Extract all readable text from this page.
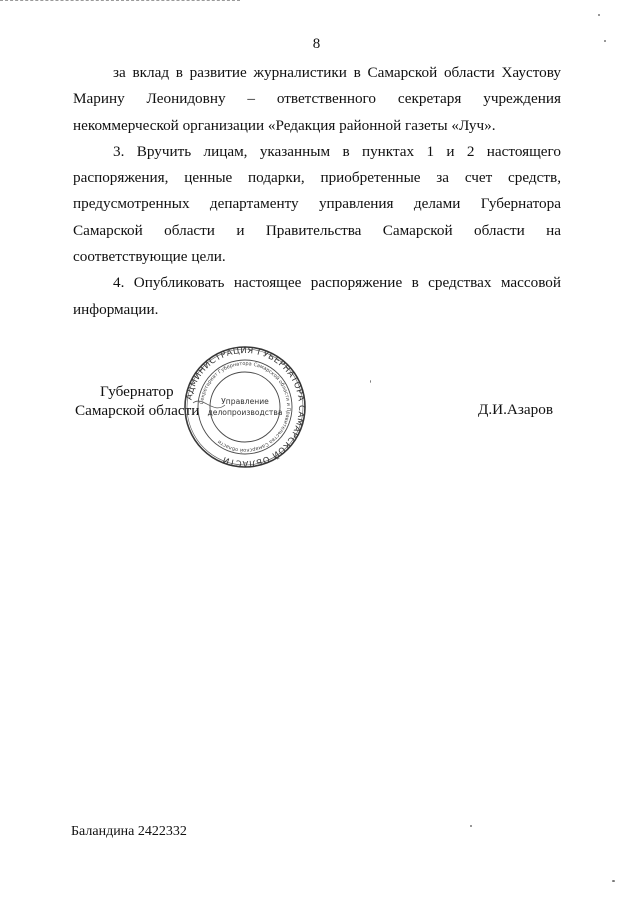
8

за вклад в развитие журналистики в Самарской области Хаустову Марину Леонидовну – ответственного секретаря учреждения некоммерческой организации «Редакция районной газеты «Луч».

3. Вручить лицам, указанным в пунктах 1 и 2 настоящего распоряжения, ценные подарки, приобретенные за счет средств, предусмотренных департаменту управления делами Губернатора Самарской области и Правительства Самарской области на соответствующие цели.

4. Опубликовать настоящее распоряжение в средствах массовой информации.

Губернатор
Самарской области
АДМИНИСТРАЦИЯ ГУБЕРНАТОРА САМАРСКОЙ ОБЛАСТИ
Секретариат Губернатора Самарской области и Правительства Самарской области
Управление
делопроизводства	Д.И.Азаров
Баландина 2422332
